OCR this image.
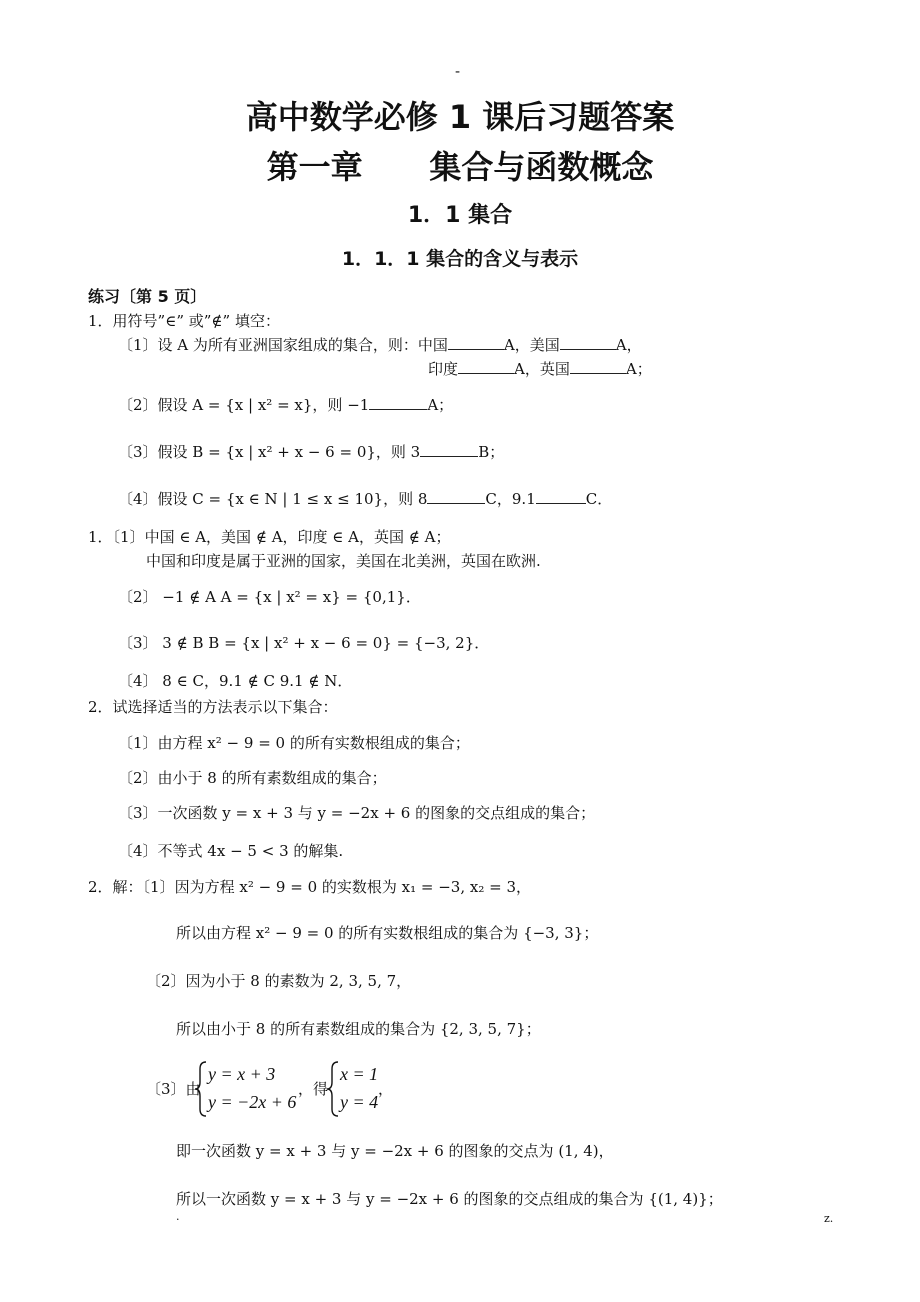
-
高中数学必修 1 课后习题答案
第一章      集合与函数概念
1．1 集合
1．1．1 集合的含义与表示
练习〔第 5 页〕
1．用符号”∈” 或”∉” 填空：
〔1〕设 A 为所有亚洲国家组成的集合，则：中国	A，美国	A，
印度	A，英国	A；
〔2〕假设 A = {x | x² = x}，则 −1	A；
〔3〕假设 B = {x | x² + x − 6 = 0}，则 3	B；
〔4〕假设 C = {x ∈ N | 1 ≤ x ≤ 10}，则 8	C，9.1	C．
1．〔1〕中国 ∈ A，美国 ∉ A，印度 ∈ A，英国 ∉ A；
中国和印度是属于亚洲的国家，美国在北美洲，英国在欧洲.
〔2〕 −1 ∉ A A = {x | x² = x} = {0,1}．
〔3〕 3 ∉ B B = {x | x² + x − 6 = 0} = {−3, 2}．
〔4〕 8 ∈ C，9.1 ∉ C 9.1 ∉ N．
2．试选择适当的方法表示以下集合：
〔1〕由方程 x² − 9 = 0 的所有实数根组成的集合；
〔2〕由小于 8 的所有素数组成的集合；
〔3〕一次函数 y = x + 3 与 y = −2x + 6 的图象的交点组成的集合；
〔4〕不等式 4x − 5 < 3 的解集.
2．解：〔1〕因为方程 x² − 9 = 0 的实数根为 x₁ = −3, x₂ = 3，
所以由方程 x² − 9 = 0 的所有实数根组成的集合为 {−3, 3}；
〔2〕因为小于 8 的素数为 2, 3, 5, 7，
所以由小于 8 的所有素数组成的集合为 {2, 3, 5, 7}；
〔3〕由
y = x + 3
y = −2x + 6
，得
x = 1
y = 4
，
即一次函数 y = x + 3 与 y = −2x + 6 的图象的交点为 (1, 4)，
所以一次函数 y = x + 3 与 y = −2x + 6 的图象的交点组成的集合为 {(1, 4)}；
.	z.
